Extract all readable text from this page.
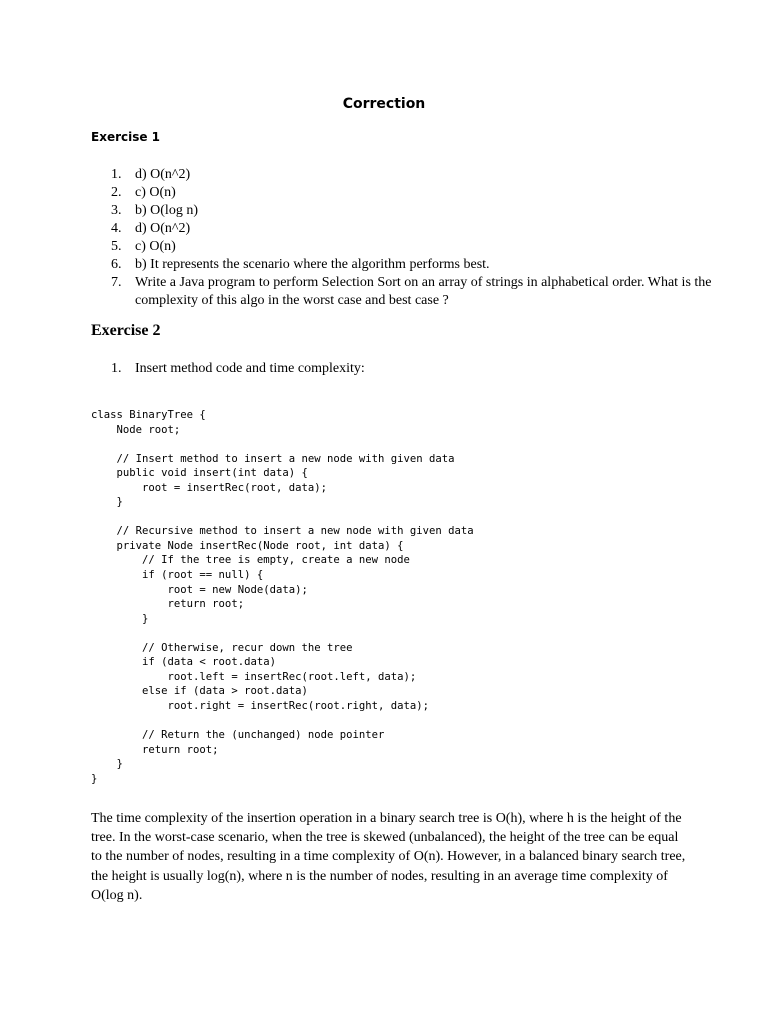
Correction
Exercise 1
1. d) O(n^2)
2. c) O(n)
3. b) O(log n)
4. d) O(n^2)
5. c) O(n)
6. b) It represents the scenario where the algorithm performs best.
7. Write a Java program to perform Selection Sort on an array of strings in alphabetical order. What is the complexity of this algo in the worst case and best case ?
Exercise 2
1. Insert method code and time complexity:
class BinaryTree {
Node root;
// Insert method to insert a new node with given data
public void insert(int data) {
root = insertRec(root, data);
}
// Recursive method to insert a new node with given data
private Node insertRec(Node root, int data) {
// If the tree is empty, create a new node
if (root == null) {
root = new Node(data);
return root;
}
// Otherwise, recur down the tree
if (data < root.data)
root.left = insertRec(root.left, data);
else if (data > root.data)
root.right = insertRec(root.right, data);
// Return the (unchanged) node pointer
return root;
}
}

The time complexity of the insertion operation in a binary search tree is O(h), where h is the height of the tree. In the worst-case scenario, when the tree is skewed (unbalanced), the height of the tree can be equal to the number of nodes, resulting in a time complexity of O(n). However, in a balanced binary search tree, the height is usually log(n), where n is the number of nodes, resulting in an average time complexity of O(log n).
